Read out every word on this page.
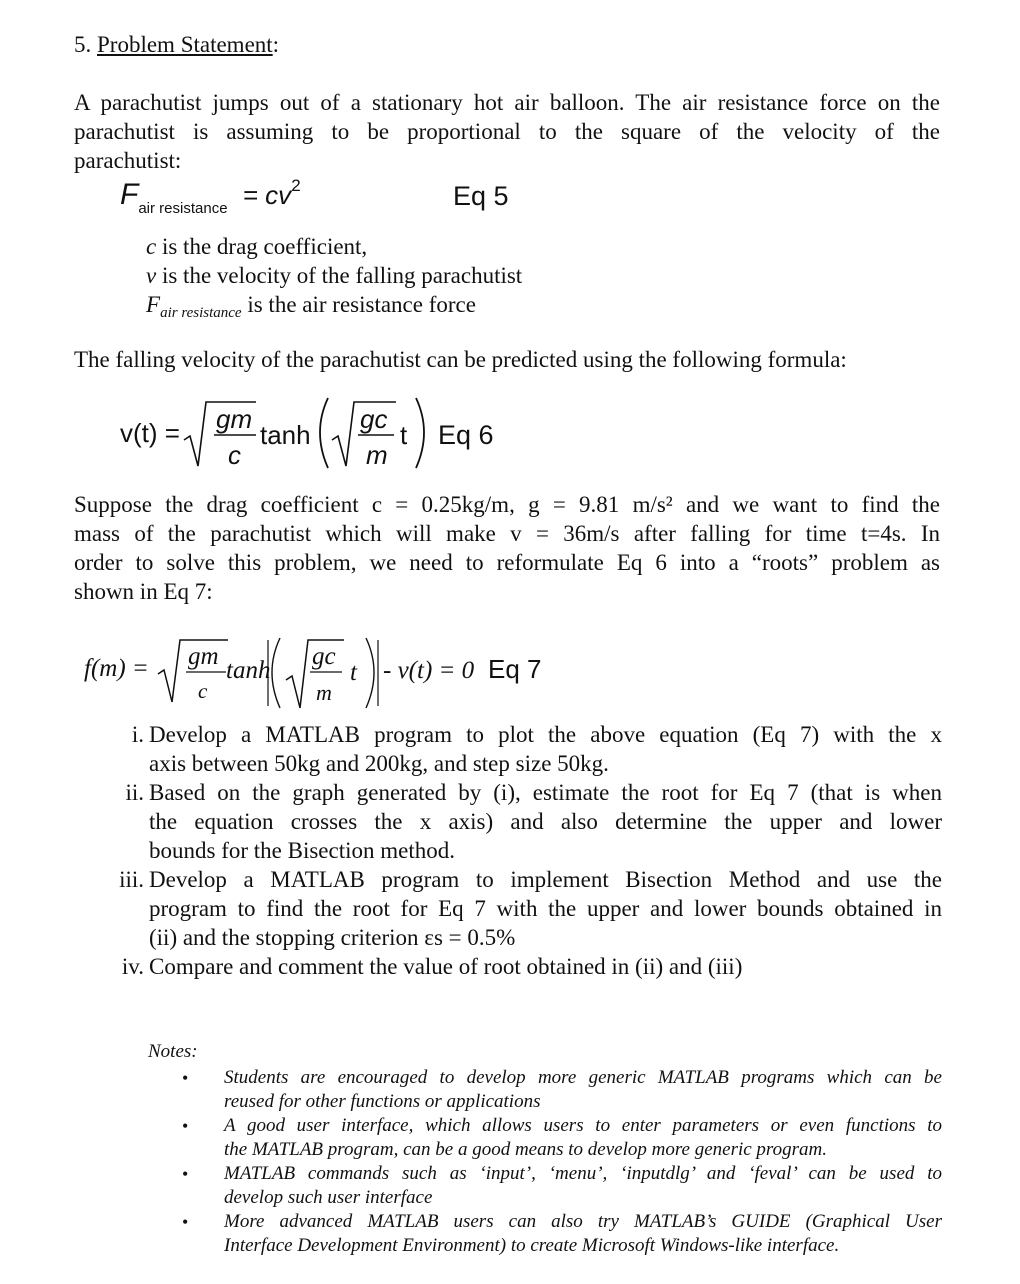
5. Problem Statement:
A parachutist jumps out of a stationary hot air balloon. The air resistance force on the
parachutist is assuming to be proportional to the square of the velocity of the
parachutist:
$F_{air resistance} = cv^2$	Eq 5
c is the drag coefficient,
v is the velocity of the falling parachutist
$F_{air resistance}$ is the air resistance force
The falling velocity of the parachutist can be predicted using the following formula:
v(t) = gm
c
tanh
gc
m
t Eq 6
Suppose the drag coefficient c = 0.25kg/m, g = 9.81 m/s² and we want to find the
mass of the parachutist which will make v = 36m/s after falling for time t=4s. In
order to solve this problem, we need to reformulate Eq 6 into a “roots” problem as
shown in Eq 7:
f(m) = gm
c
tanh
gc
m
t - v(t) = 0 Eq 7
i. Develop a MATLAB program to plot the above equation (Eq 7) with the x
axis between 50kg and 200kg, and step size 50kg.
ii. Based on the graph generated by (i), estimate the root for Eq 7 (that is when
the equation crosses the x axis) and also determine the upper and lower
bounds for the Bisection method.
iii. Develop a MATLAB program to implement Bisection Method and use the
program to find the root for Eq 7 with the upper and lower bounds obtained in
(ii) and the stopping criterion εs = 0.5%
iv. Compare and comment the value of root obtained in (ii) and (iii)
Notes:
• Students are encouraged to develop more generic MATLAB programs which can be
reused for other functions or applications
• A good user interface, which allows users to enter parameters or even functions to
the MATLAB program, can be a good means to develop more generic program.
• MATLAB commands such as ‘input’, ‘menu’, ‘inputdlg’ and ‘feval’ can be used to
develop such user interface
• More advanced MATLAB users can also try MATLAB’s GUIDE (Graphical User
Interface Development Environment) to create Microsoft Windows-like interface.
